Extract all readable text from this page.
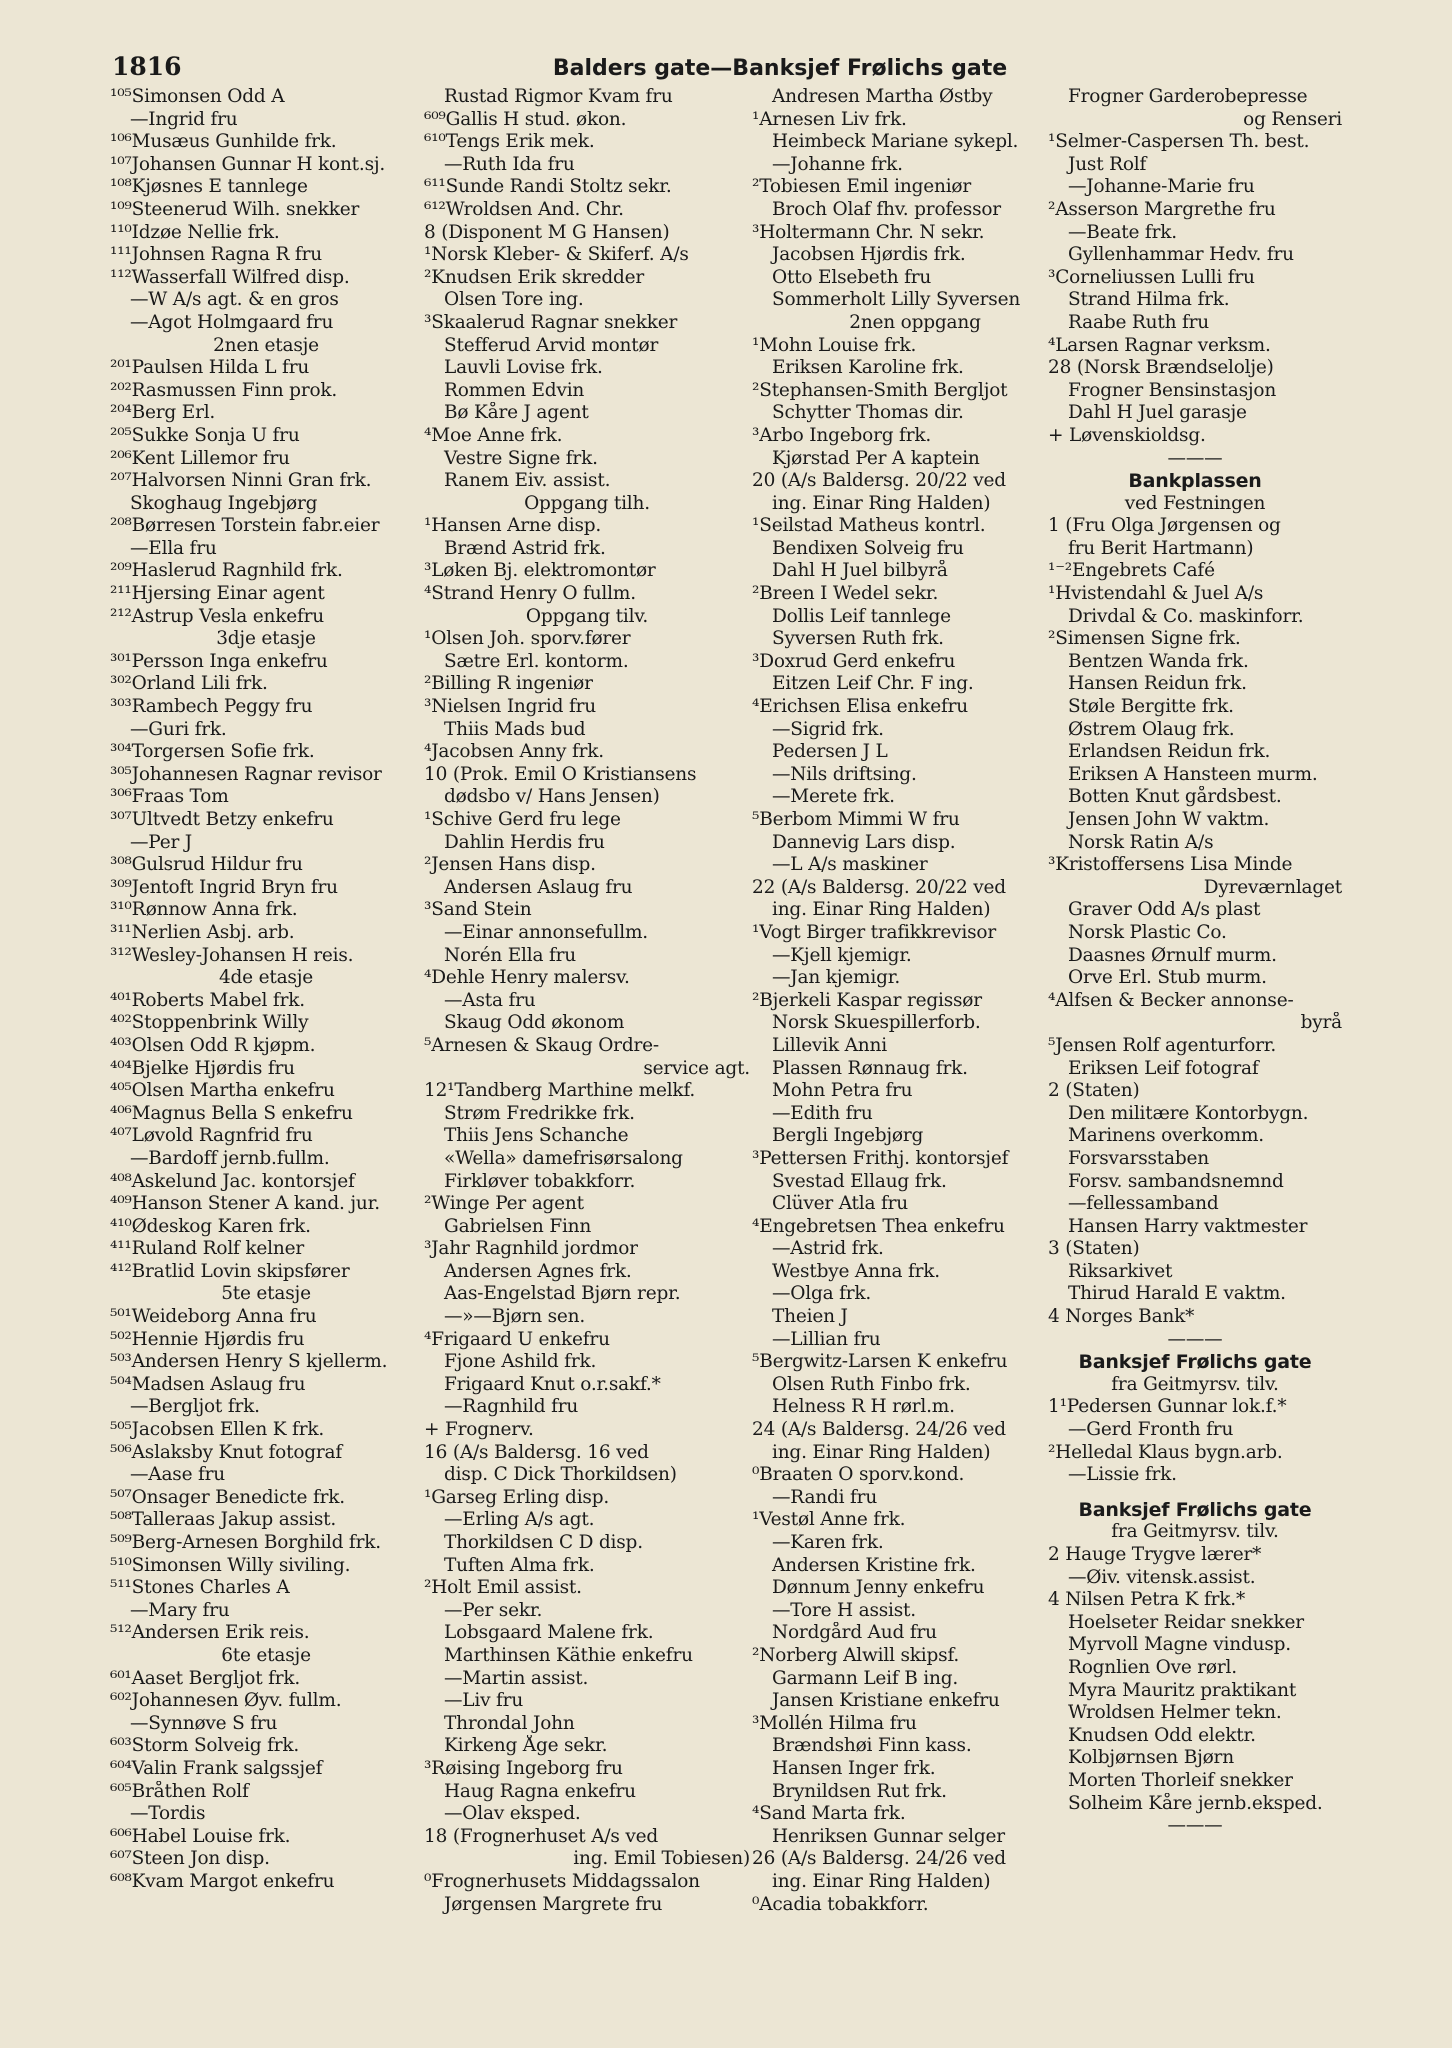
1816	Balders gate—Banksjef Frølichs gate
¹⁰⁵Simonsen Odd A
—Ingrid fru
¹⁰⁶Musæus Gunhilde frk.
¹⁰⁷Johansen Gunnar H kont.sj.
¹⁰⁸Kjøsnes E tannlege
¹⁰⁹Steenerud Wilh. snekker
¹¹⁰Idzøe Nellie frk.
¹¹¹Johnsen Ragna R fru
¹¹²Wasserfall Wilfred disp.
—W A/s agt. & en gros
—Agot Holmgaard fru
2nen etasje
²⁰¹Paulsen Hilda L fru
²⁰²Rasmussen Finn prok.
²⁰⁴Berg Erl.
²⁰⁵Sukke Sonja U fru
²⁰⁶Kent Lillemor fru
²⁰⁷Halvorsen Ninni Gran frk.
Skoghaug Ingebjørg
²⁰⁸Børresen Torstein fabr.eier
—Ella fru
²⁰⁹Haslerud Ragnhild frk.
²¹¹Hjersing Einar agent
²¹²Astrup Vesla enkefru
3dje etasje
³⁰¹Persson Inga enkefru
³⁰²Orland Lili frk.
³⁰³Rambech Peggy fru
—Guri frk.
³⁰⁴Torgersen Sofie frk.
³⁰⁵Johannesen Ragnar revisor
³⁰⁶Fraas Tom
³⁰⁷Ultvedt Betzy enkefru
—Per J
³⁰⁸Gulsrud Hildur fru
³⁰⁹Jentoft Ingrid Bryn fru
³¹⁰Rønnow Anna frk.
³¹¹Nerlien Asbj. arb.
³¹²Wesley-Johansen H reis.
4de etasje
⁴⁰¹Roberts Mabel frk.
⁴⁰²Stoppenbrink Willy
⁴⁰³Olsen Odd R kjøpm.
⁴⁰⁴Bjelke Hjørdis fru
⁴⁰⁵Olsen Martha enkefru
⁴⁰⁶Magnus Bella S enkefru
⁴⁰⁷Løvold Ragnfrid fru
—Bardoff jernb.fullm.
⁴⁰⁸Askelund Jac. kontorsjef
⁴⁰⁹Hanson Stener A kand. jur.
⁴¹⁰Ødeskog Karen frk.
⁴¹¹Ruland Rolf kelner
⁴¹²Bratlid Lovin skipsfører
5te etasje
⁵⁰¹Weideborg Anna fru
⁵⁰²Hennie Hjørdis fru
⁵⁰³Andersen Henry S kjellerm.
⁵⁰⁴Madsen Aslaug fru
—Bergljot frk.
⁵⁰⁵Jacobsen Ellen K frk.
⁵⁰⁶Aslaksby Knut fotograf
—Aase fru
⁵⁰⁷Onsager Benedicte frk.
⁵⁰⁸Talleraas Jakup assist.
⁵⁰⁹Berg-Arnesen Borghild frk.
⁵¹⁰Simonsen Willy siviling.
⁵¹¹Stones Charles A
—Mary fru
⁵¹²Andersen Erik reis.
6te etasje
⁶⁰¹Aaset Bergljot frk.
⁶⁰²Johannesen Øyv. fullm.
—Synnøve S fru
⁶⁰³Storm Solveig frk.
⁶⁰⁴Valin Frank salgssjef
⁶⁰⁵Bråthen Rolf
—Tordis
⁶⁰⁶Habel Louise frk.
⁶⁰⁷Steen Jon disp.
⁶⁰⁸Kvam Margot enkefru
Rustad Rigmor Kvam fru
⁶⁰⁹Gallis H stud. økon.
⁶¹⁰Tengs Erik mek.
—Ruth Ida fru
⁶¹¹Sunde Randi Stoltz sekr.
⁶¹²Wroldsen And. Chr.
8 (Disponent M G Hansen)
¹Norsk Kleber- & Skiferf. A/s
²Knudsen Erik skredder
Olsen Tore ing.
³Skaalerud Ragnar snekker
Stefferud Arvid montør
Lauvli Lovise frk.
Rommen Edvin
Bø Kåre J agent
⁴Moe Anne frk.
Vestre Signe frk.
Ranem Eiv. assist.
Oppgang tilh.
¹Hansen Arne disp.
Brænd Astrid frk.
³Løken Bj. elektromontør
⁴Strand Henry O fullm.
Oppgang tilv.
¹Olsen Joh. sporv.fører
Sætre Erl. kontorm.
²Billing R ingeniør
³Nielsen Ingrid fru
Thiis Mads bud
⁴Jacobsen Anny frk.
10 (Prok. Emil O Kristiansens
dødsbo v/ Hans Jensen)
¹Schive Gerd fru lege
Dahlin Herdis fru
²Jensen Hans disp.
Andersen Aslaug fru
³Sand Stein
—Einar annonsefullm.
Norén Ella fru
⁴Dehle Henry malersv.
—Asta fru
Skaug Odd økonom
⁵Arnesen & Skaug Ordre-
service agt.
12¹Tandberg Marthine melkf.
Strøm Fredrikke frk.
Thiis Jens Schanche
«Wella» damefrisørsalong
Firkløver tobakkforr.
²Winge Per agent
Gabrielsen Finn
³Jahr Ragnhild jordmor
Andersen Agnes frk.
Aas-Engelstad Bjørn repr.
—»—Bjørn sen.
⁴Frigaard U enkefru
Fjone Ashild frk.
Frigaard Knut o.r.sakf.*
—Ragnhild fru
+ Frognerv.
16 (A/s Baldersg. 16 ved
disp. C Dick Thorkildsen)
¹Garseg Erling disp.
—Erling A/s agt.
Thorkildsen C D disp.
Tuften Alma frk.
²Holt Emil assist.
—Per sekr.
Lobsgaard Malene frk.
Marthinsen Käthie enkefru
—Martin assist.
—Liv fru
Throndal John
Kirkeng Åge sekr.
³Røising Ingeborg fru
Haug Ragna enkefru
—Olav eksped.
18 (Frognerhuset A/s ved
ing. Emil Tobiesen)
⁰Frognerhusets Middagssalon
Jørgensen Margrete fru
Andresen Martha Østby
¹Arnesen Liv frk.
Heimbeck Mariane sykepl.
—Johanne frk.
²Tobiesen Emil ingeniør
Broch Olaf fhv. professor
³Holtermann Chr. N sekr.
Jacobsen Hjørdis frk.
Otto Elsebeth fru
Sommerholt Lilly Syversen
2nen oppgang
¹Mohn Louise frk.
Eriksen Karoline frk.
²Stephansen-Smith Bergljot
Schytter Thomas dir.
³Arbo Ingeborg frk.
Kjørstad Per A kaptein
20 (A/s Baldersg. 20/22 ved
ing. Einar Ring Halden)
¹Seilstad Matheus kontrl.
Bendixen Solveig fru
Dahl H Juel bilbyrå
²Breen I Wedel sekr.
Dollis Leif tannlege
Syversen Ruth frk.
³Doxrud Gerd enkefru
Eitzen Leif Chr. F ing.
⁴Erichsen Elisa enkefru
—Sigrid frk.
Pedersen J L
—Nils driftsing.
—Merete frk.
⁵Berbom Mimmi W fru
Dannevig Lars disp.
—L A/s maskiner
22 (A/s Baldersg. 20/22 ved
ing. Einar Ring Halden)
¹Vogt Birger trafikkrevisor
—Kjell kjemigr.
—Jan kjemigr.
²Bjerkeli Kaspar regissør
Norsk Skuespillerforb.
Lillevik Anni
Plassen Rønnaug frk.
Mohn Petra fru
—Edith fru
Bergli Ingebjørg
³Pettersen Frithj. kontorsjef
Svestad Ellaug frk.
Clüver Atla fru
⁴Engebretsen Thea enkefru
—Astrid frk.
Westbye Anna frk.
—Olga frk.
Theien J
—Lillian fru
⁵Bergwitz-Larsen K enkefru
Olsen Ruth Finbo frk.
Helness R H rørl.m.
24 (A/s Baldersg. 24/26 ved
ing. Einar Ring Halden)
⁰Braaten O sporv.kond.
—Randi fru
¹Vestøl Anne frk.
—Karen frk.
Andersen Kristine frk.
Dønnum Jenny enkefru
—Tore H assist.
Nordgård Aud fru
²Norberg Alwill skipsf.
Garmann Leif B ing.
Jansen Kristiane enkefru
³Mollén Hilma fru
Brændshøi Finn kass.
Hansen Inger frk.
Brynildsen Rut frk.
⁴Sand Marta frk.
Henriksen Gunnar selger
26 (A/s Baldersg. 24/26 ved
ing. Einar Ring Halden)
⁰Acadia tobakkforr.
Frogner Garderobepresse
og Renseri
¹Selmer-Caspersen Th. best.
Just Rolf
—Johanne-Marie fru
²Asserson Margrethe fru
—Beate frk.
Gyllenhammar Hedv. fru
³Corneliussen Lulli fru
Strand Hilma frk.
Raabe Ruth fru
⁴Larsen Ragnar verksm.
28 (Norsk Brændselolje)
Frogner Bensinstasjon
Dahl H Juel garasje
+ Løvenskioldsg.
———
Bankplassen
ved Festningen
1 (Fru Olga Jørgensen og
fru Berit Hartmann)
¹⁻²Engebrets Café
¹Hvistendahl & Juel A/s
Drivdal & Co. maskinforr.
²Simensen Signe frk.
Bentzen Wanda frk.
Hansen Reidun frk.
Støle Bergitte frk.
Østrem Olaug frk.
Erlandsen Reidun frk.
Eriksen A Hansteen murm.
Botten Knut gårdsbest.
Jensen John W vaktm.
Norsk Ratin A/s
³Kristoffersens Lisa Minde
Dyreværnlaget
Graver Odd A/s plast
Norsk Plastic Co.
Daasnes Ørnulf murm.
Orve Erl. Stub murm.
⁴Alfsen & Becker annonse-
byrå
⁵Jensen Rolf agenturforr.
Eriksen Leif fotograf
2 (Staten)
Den militære Kontorbygn.
Marinens overkomm.
Forsvarsstaben
Forsv. sambandsnemnd
—fellessamband
Hansen Harry vaktmester
3 (Staten)
Riksarkivet
Thirud Harald E vaktm.
4 Norges Bank*
———
Banksjef Frølichs gate
fra Geitmyrsv. tilv.
1¹Pedersen Gunnar lok.f.*
—Gerd Fronth fru
²Helledal Klaus bygn.arb.
—Lissie frk.
Banksjef Frølichs gate
fra Geitmyrsv. tilv.
2 Hauge Trygve lærer*
—Øiv. vitensk.assist.
4 Nilsen Petra K frk.*
Hoelseter Reidar snekker
Myrvoll Magne vindusp.
Rognlien Ove rørl.
Myra Mauritz praktikant
Wroldsen Helmer tekn.
Knudsen Odd elektr.
Kolbjørnsen Bjørn
Morten Thorleif snekker
Solheim Kåre jernb.eksped.
———
